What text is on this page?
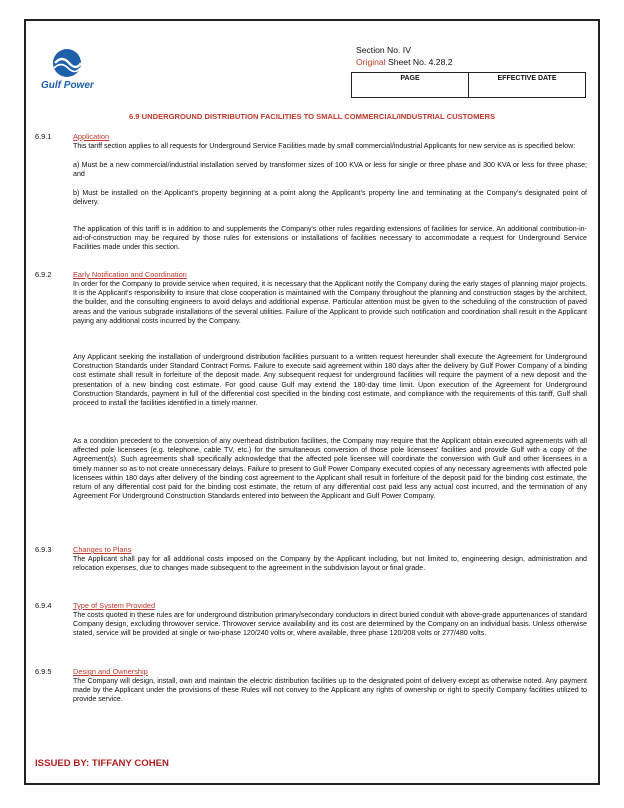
Gulf Power
Section No. IV
Original Sheet No. 4.28.2
PAGE	EFFECTIVE DATE
6.9 UNDERGROUND DISTRIBUTION FACILITIES TO SMALL COMMERCIAL/INDUSTRIAL CUSTOMERS
6.9.1	Application

This tariff section applies to all requests for Underground Service Facilities made by small commercial/industrial Applicants for new service as is specified below:

a) Must be a new commercial/industrial installation served by transformer sizes of 100 KVA or less for single or three phase and 300 KVA or less for three phase; and

b) Must be installed on the Applicant's property beginning at a point along the Applicant's property line and terminating at the Company's designated point of delivery.

The application of this tariff is in addition to and supplements the Company's other rules regarding extensions of facilities for service. An additional contribution-in-aid-of-construction may be required by those rules for extensions or installations of facilities necessary to accommodate a request for Underground Service Facilities made under this section.

6.9.2	Early Notification and Coordination

In order for the Company to provide service when required, it is necessary that the Applicant notify the Company during the early stages of planning major projects. It is the Applicant's responsibility to insure that close cooperation is maintained with the Company throughout the planning and construction stages by the architect, the builder, and the consulting engineers to avoid delays and additional expense. Particular attention must be given to the scheduling of the construction of paved areas and the various subgrade installations of the several utilities. Failure of the Applicant to provide such notification and coordination shall result in the Applicant paying any additional costs incurred by the Company.

Any Applicant seeking the installation of underground distribution facilities pursuant to a written request hereunder shall execute the Agreement for Underground Construction Standards under Standard Contract Forms. Failure to execute said agreement within 180 days after the delivery by Gulf Power Company of a binding cost estimate shall result in forfeiture of the deposit made. Any subsequent request for underground facilities will require the payment of a new deposit and the presentation of a new binding cost estimate. For good cause Gulf may extend the 180-day time limit. Upon execution of the Agreement for Underground Construction Standards, payment in full of the differential cost specified in the binding cost estimate, and compliance with the requirements of this tariff, Gulf shall proceed to install the facilities identified in a timely manner.

As a condition precedent to the conversion of any overhead distribution facilities, the Company may require that the Applicant obtain executed agreements with all affected pole licensees (e.g. telephone, cable TV, etc.) for the simultaneous conversion of those pole licensees' facilities and provide Gulf with a copy of the Agreement(s). Such agreements shall specifically acknowledge that the affected pole licensee will coordinate the conversion with Gulf and other licensees in a timely manner so as to not create unnecessary delays. Failure to present to Gulf Power Company executed copies of any necessary agreements with affected pole licensees within 180 days after delivery of the binding cost agreement to the Applicant shall result in forfeiture of the deposit paid for the binding cost estimate, the return of any differential cost paid for the binding cost estimate, the return of any differential cost paid less any actual cost incurred, and the termination of any Agreement For Underground Construction Standards entered into between the Applicant and Gulf Power Company.

6.9.3	Changes to Plans

The Applicant shall pay for all additional costs imposed on the Company by the Applicant including, but not limited to, engineering design, administration and relocation expenses, due to changes made subsequent to the agreement in the subdivision layout or final grade.

6.9.4	Type of System Provided

The costs quoted in these rules are for underground distribution primary/secondary conductors in direct buried conduit with above-grade appurtenances of standard Company design, excluding throwover service. Throwover service availability and its cost are determined by the Company on an individual basis. Unless otherwise stated, service will be provided at single or two-phase 120/240 volts or, where available, three phase 120/208 volts or 277/480 volts.

6.9.5	Design and Ownership

The Company will design, install, own and maintain the electric distribution facilities up to the designated point of delivery except as otherwise noted. Any payment made by the Applicant under the provisions of these Rules will not convey to the Applicant any rights of ownership or right to specify Company facilities utilized to provide service.

ISSUED BY: TIFFANY COHEN
